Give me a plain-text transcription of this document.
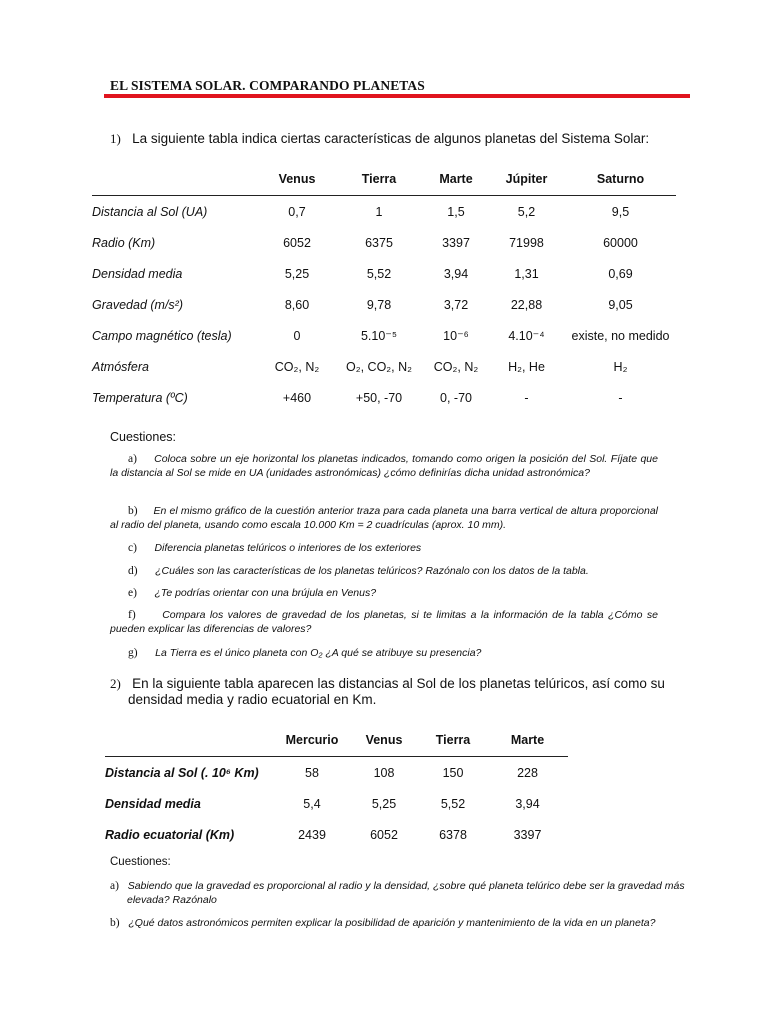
EL SISTEMA SOLAR. COMPARANDO PLANETAS
1) La siguiente tabla indica ciertas características de algunos planetas del Sistema Solar:
	Venus	Tierra	Marte	Júpiter	Saturno
Distancia al Sol (UA)	0,7	1	1,5	5,2	9,5
Radio (Km)	6052	6375	3397	71998	60000
Densidad media	5,25	5,52	3,94	1,31	0,69
Gravedad (m/s²)	8,60	9,78	3,72	22,88	9,05
Campo magnético (tesla)	0	5.10⁻⁵	10⁻⁶	4.10⁻⁴	existe, no medido
Atmósfera	CO₂, N₂	O₂, CO₂, N₂	CO₂, N₂	H₂, He	H₂
Temperatura (ºC)	+460	+50, -70	0, -70	-	-
Cuestiones:

a) Coloca sobre un eje horizontal los planetas indicados, tomando como origen la posición del Sol. Fíjate que la distancia al Sol se mide en UA (unidades astronómicas) ¿cómo definirías dicha unidad astronómica?

b) En el mismo gráfico de la cuestión anterior traza para cada planeta una barra vertical de altura proporcional al radio del planeta, usando como escala 10.000 Km = 2 cuadrículas (aprox. 10 mm).

c) Diferencia planetas telúricos o interiores de los exteriores

d) ¿Cuáles son las características de los planetas telúricos? Razónalo con los datos de la tabla.

e) ¿Te podrías orientar con una brújula en Venus?

f)	Compara los valores de gravedad de los planetas, si te limitas a la información de la tabla ¿Cómo se pueden explicar las diferencias de valores?

g) La Tierra es el único planeta con O₂ ¿A qué se atribuye su presencia?

2) En la siguiente tabla aparecen las distancias al Sol de los planetas telúricos, así como su
densidad media y radio ecuatorial en Km.
	Mercurio	Venus	Tierra	Marte
Distancia al Sol (. 10⁶ Km)	58	108	150	228
Densidad media	5,4	5,25	5,52	3,94
Radio ecuatorial (Km)	2439	6052	6378	3397
Cuestiones:

a) Sabiendo que la gravedad es proporcional al radio y la densidad, ¿sobre qué planeta telúrico debe ser la gravedad más elevada? Razónalo

b) ¿Qué datos astronómicos permiten explicar la posibilidad de aparición y mantenimiento de la vida en un planeta?
